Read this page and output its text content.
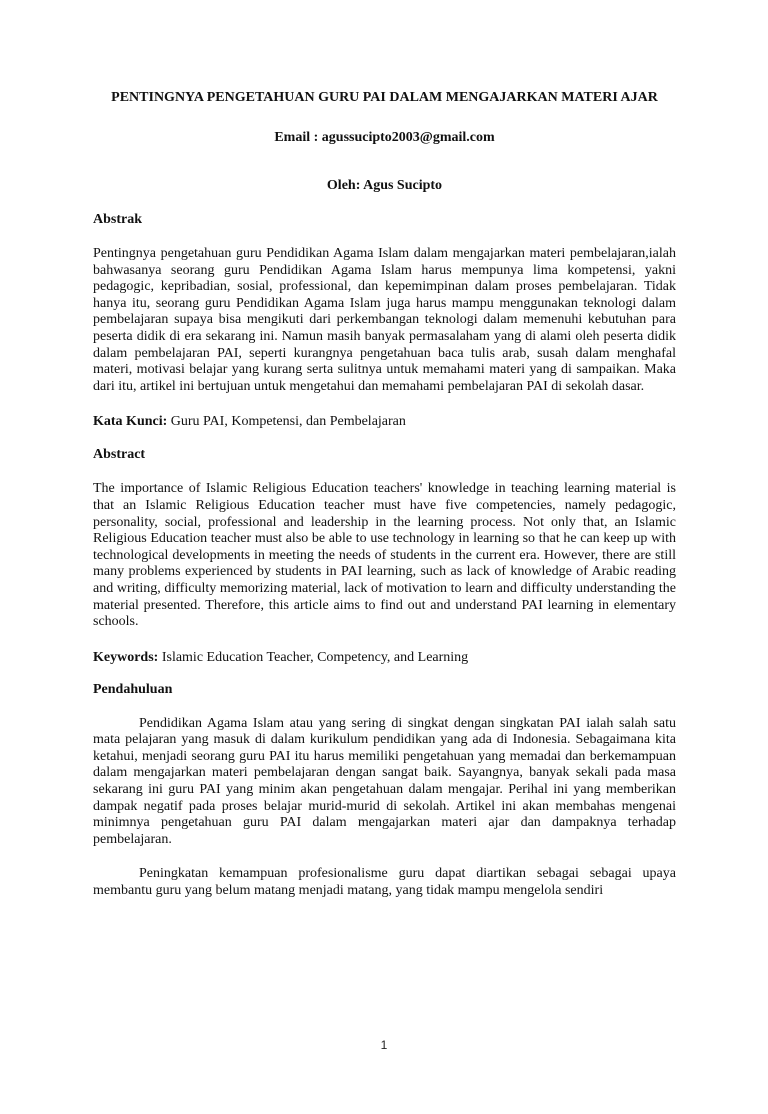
PENTINGNYA PENGETAHUAN GURU PAI DALAM MENGAJARKAN MATERI AJAR

Email : agussucipto2003@gmail.com

Oleh: Agus Sucipto

Abstrak

Pentingnya pengetahuan guru Pendidikan Agama Islam dalam mengajarkan materi pembelajaran,ialah bahwasanya seorang guru Pendidikan Agama Islam harus mempunya lima kompetensi, yakni pedagogic, kepribadian, sosial, professional, dan kepemimpinan dalam proses pembelajaran. Tidak hanya itu, seorang guru Pendidikan Agama Islam juga harus mampu menggunakan teknologi dalam pembelajaran supaya bisa mengikuti dari perkembangan teknologi dalam memenuhi kebutuhan para peserta didik di era sekarang ini. Namun masih banyak permasalaham yang di alami oleh peserta didik dalam pembelajaran PAI, seperti kurangnya pengetahuan baca tulis arab, susah dalam menghafal materi, motivasi belajar yang kurang serta sulitnya untuk memahami materi yang di sampaikan. Maka dari itu, artikel ini bertujuan untuk mengetahui dan memahami pembelajaran PAI di sekolah dasar.

Kata Kunci: Guru PAI, Kompetensi, dan Pembelajaran

Abstract

The importance of Islamic Religious Education teachers' knowledge in teaching learning material is that an Islamic Religious Education teacher must have five competencies, namely pedagogic, personality, social, professional and leadership in the learning process. Not only that, an Islamic Religious Education teacher must also be able to use technology in learning so that he can keep up with technological developments in meeting the needs of students in the current era. However, there are still many problems experienced by students in PAI learning, such as lack of knowledge of Arabic reading and writing, difficulty memorizing material, lack of motivation to learn and difficulty understanding the material presented. Therefore, this article aims to find out and understand PAI learning in elementary schools.

Keywords: Islamic Education Teacher, Competency, and Learning

Pendahuluan

Pendidikan Agama Islam atau yang sering di singkat dengan singkatan PAI ialah salah satu mata pelajaran yang masuk di dalam kurikulum pendidikan yang ada di Indonesia. Sebagaimana kita ketahui, menjadi seorang guru PAI itu harus memiliki pengetahuan yang memadai dan berkemampuan dalam mengajarkan materi pembelajaran dengan sangat baik. Sayangnya, banyak sekali pada masa sekarang ini guru PAI yang minim akan pengetahuan dalam mengajar. Perihal ini yang memberikan dampak negatif pada proses belajar murid-murid di sekolah. Artikel ini akan membahas mengenai minimnya pengetahuan guru PAI dalam mengajarkan materi ajar dan dampaknya terhadap pembelajaran.

Peningkatan kemampuan profesionalisme guru dapat diartikan sebagai sebagai upaya membantu guru yang belum matang menjadi matang, yang tidak mampu mengelola sendiri

1
